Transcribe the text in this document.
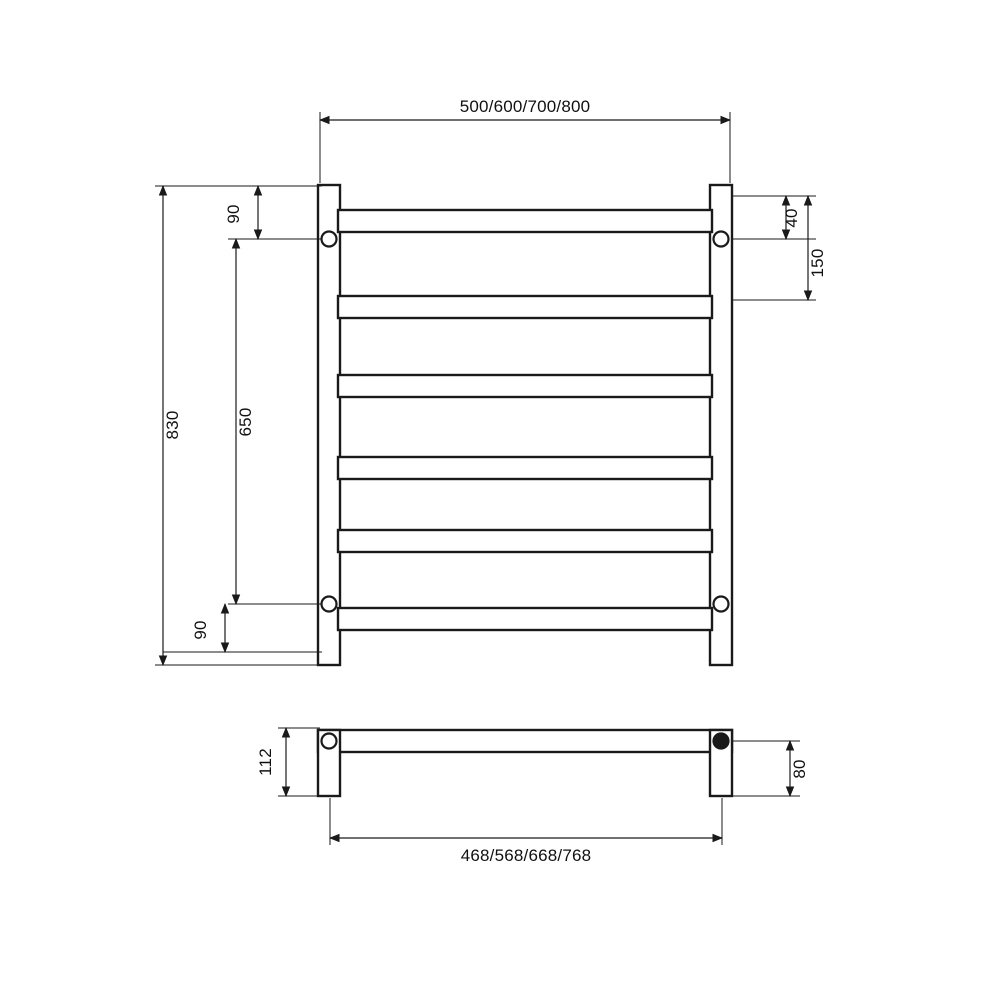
500/600/700/800
830	650
90
90
40
150
112	80
468/568/668/768
